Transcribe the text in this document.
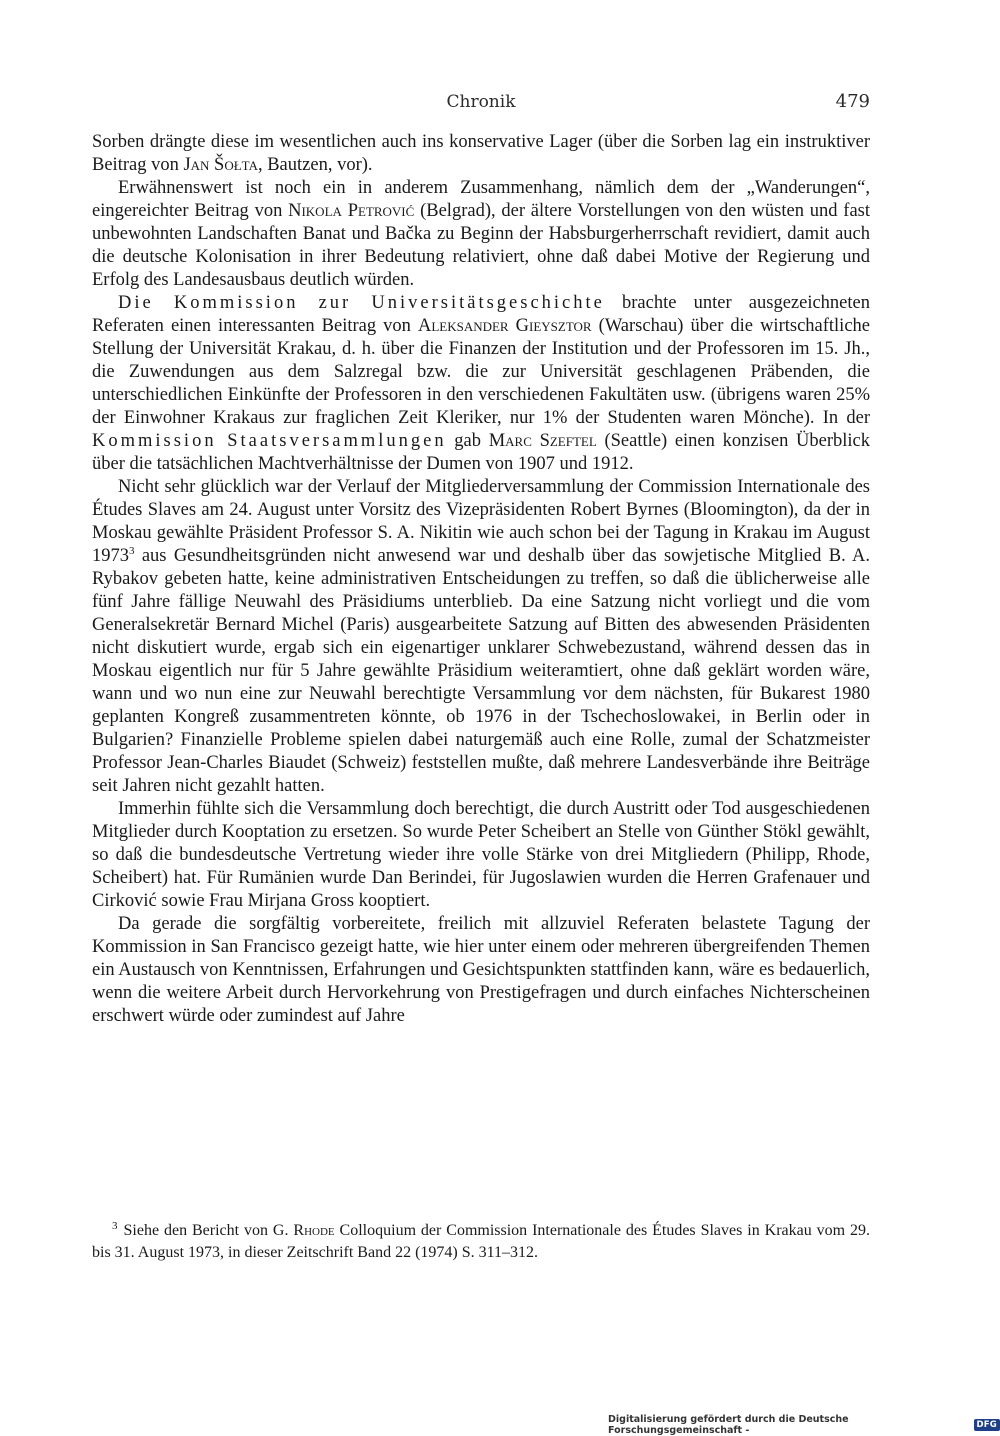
Chronik	479

Sorben drängte diese im wesentlichen auch ins konservative Lager (über die Sorben lag ein instruktiver Beitrag von Jan Šołta, Bautzen, vor).

Erwähnenswert ist noch ein in anderem Zusammenhang, nämlich dem der „Wanderungen“, eingereichter Beitrag von Nikola Petrović (Belgrad), der ältere Vorstellungen von den wüsten und fast unbewohnten Landschaften Banat und Bačka zu Beginn der Habsburgerherrschaft revidiert, damit auch die deutsche Kolonisation in ihrer Bedeutung relativiert, ohne daß dabei Motive der Regierung und Erfolg des Landesausbaus deutlich würden.

Die Kommission zur Universitätsgeschichte brachte unter ausgezeichneten Referaten einen interessanten Beitrag von Aleksander Gieysztor (Warschau) über die wirtschaftliche Stellung der Universität Krakau, d. h. über die Finanzen der Institution und der Professoren im 15. Jh., die Zuwendungen aus dem Salzregal bzw. die zur Universität geschlagenen Präbenden, die unterschiedlichen Einkünfte der Professoren in den verschiedenen Fakultäten usw. (übrigens waren 25% der Einwohner Krakaus zur fraglichen Zeit Kleriker, nur 1% der Studenten waren Mönche). In der Kommission Staatsversammlungen gab Marc Szeftel (Seattle) einen konzisen Überblick über die tatsächlichen Machtverhältnisse der Dumen von 1907 und 1912.

Nicht sehr glücklich war der Verlauf der Mitgliederversammlung der Commission Internationale des Études Slaves am 24. August unter Vorsitz des Vizepräsidenten Robert Byrnes (Bloomington), da der in Moskau gewählte Präsident Professor S. A. Nikitin wie auch schon bei der Tagung in Krakau im August 1973$^3$ aus Gesundheitsgründen nicht anwesend war und deshalb über das sowjetische Mitglied B. A. Rybakov gebeten hatte, keine administrativen Entscheidungen zu treffen, so daß die üblicherweise alle fünf Jahre fällige Neuwahl des Präsidiums unterblieb. Da eine Satzung nicht vorliegt und die vom Generalsekretär Bernard Michel (Paris) ausgearbeitete Satzung auf Bitten des abwesenden Präsidenten nicht diskutiert wurde, ergab sich ein eigenartiger unklarer Schwebezustand, während dessen das in Moskau eigentlich nur für 5 Jahre gewählte Präsidium weiteramtiert, ohne daß geklärt worden wäre, wann und wo nun eine zur Neuwahl berechtigte Versammlung vor dem nächsten, für Bukarest 1980 geplanten Kongreß zusammentreten könnte, ob 1976 in der Tschechoslowakei, in Berlin oder in Bulgarien? Finanzielle Probleme spielen dabei naturgemäß auch eine Rolle, zumal der Schatzmeister Professor Jean-Charles Biaudet (Schweiz) feststellen mußte, daß mehrere Landesverbände ihre Beiträge seit Jahren nicht gezahlt hatten.

Immerhin fühlte sich die Versammlung doch berechtigt, die durch Austritt oder Tod ausgeschiedenen Mitglieder durch Kooptation zu ersetzen. So wurde Peter Scheibert an Stelle von Günther Stökl gewählt, so daß die bundesdeutsche Vertretung wieder ihre volle Stärke von drei Mitgliedern (Philipp, Rhode, Scheibert) hat. Für Rumänien wurde Dan Berindei, für Jugoslawien wurden die Herren Grafenauer und Cirković sowie Frau Mirjana Gross kooptiert.

Da gerade die sorgfältig vorbereitete, freilich mit allzuviel Referaten belastete Tagung der Kommission in San Francisco gezeigt hatte, wie hier unter einem oder mehreren übergreifenden Themen ein Austausch von Kenntnissen, Erfahrungen und Gesichtspunkten stattfinden kann, wäre es bedauerlich, wenn die weitere Arbeit durch Hervorkehrung von Prestigefragen und durch einfaches Nichterscheinen erschwert würde oder zumindest auf Jahre

$^3$ Siehe den Bericht von G. Rhode Colloquium der Commission Internationale des Études Slaves in Krakau vom 29. bis 31. August 1973, in dieser Zeitschrift Band 22 (1974) S. 311–312.
Digitalisierung gefördert durch die Deutsche Forschungsgemeinschaft -	DFG
